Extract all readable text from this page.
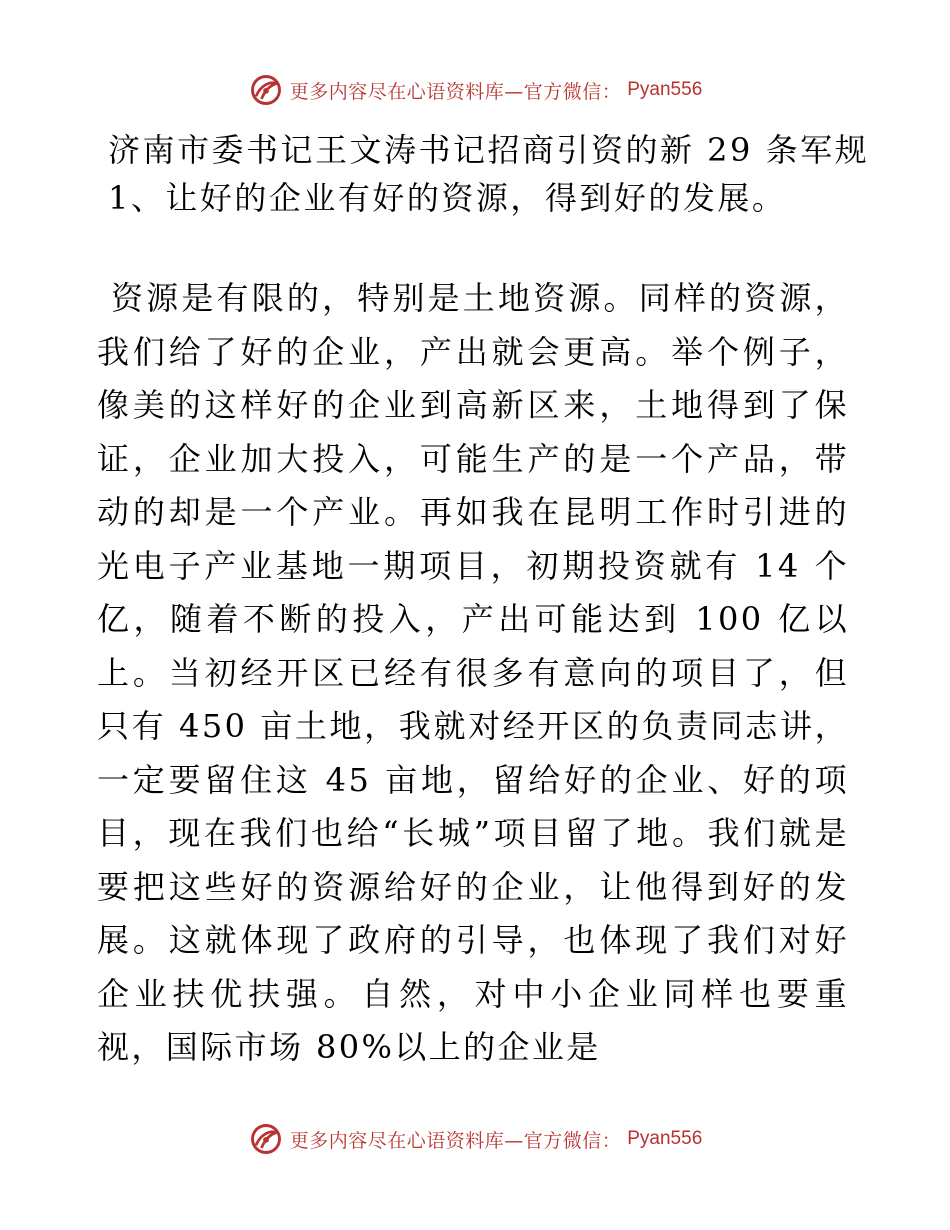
更多内容尽在心语资料库—官方微信： Pyan556
济南市委书记王文涛书记招商引资的新 29 条军规
1、让好的企业有好的资源，得到好的发展。

资源是有限的，特别是土地资源。同样的资源，我们给了好的企业，产出就会更高。举个例子，像美的这样好的企业到高新区来，土地得到了保证，企业加大投入，可能生产的是一个产品，带动的却是一个产业。再如我在昆明工作时引进的光电子产业基地一期项目，初期投资就有 14 个亿，随着不断的投入，产出可能达到 100 亿以上。当初经开区已经有很多有意向的项目了，但只有 450 亩土地，我就对经开区的负责同志讲，一定要留住这 45 亩地，留给好的企业、好的项目，现在我们也给“长城”项目留了地。我们就是要把这些好的资源给好的企业，让他得到好的发展。这就体现了政府的引导，也体现了我们对好企业扶优扶强。自然，对中小企业同样也要重视，国际市场 80%以上的企业是

更多内容尽在心语资料库—官方微信： Pyan556
